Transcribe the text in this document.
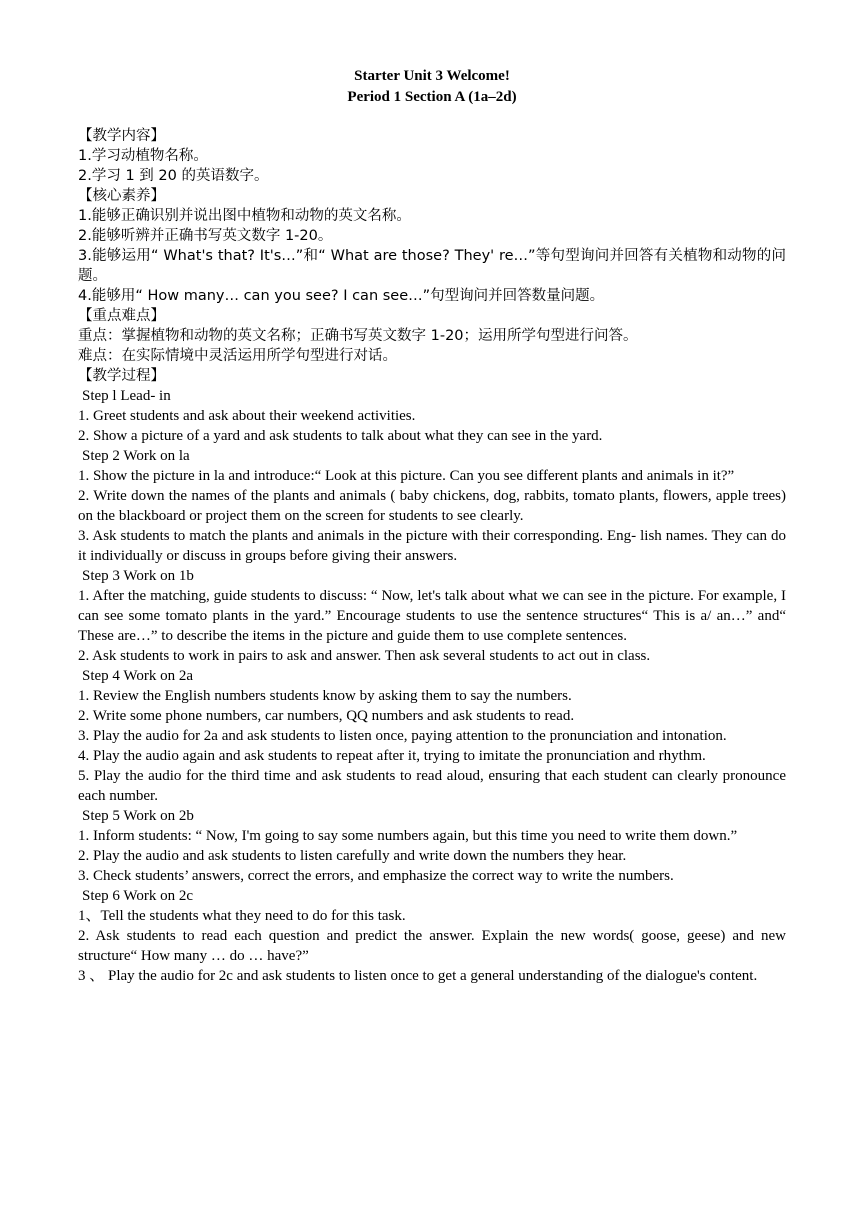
Starter Unit 3 Welcome!
Period 1 Section A (1a–2d)
【教学内容】
1.学习动植物名称。
2.学习 1 到 20 的英语数字。
【核心素养】
1.能够正确识别并说出图中植物和动物的英文名称。
2.能够听辨并正确书写英文数字 1-20。
3.能够运用“ What's that? It's…”和“ What are those? They' re…”等句型询问并回答有关植物和动物的问题。
4.能够用“ How many… can you see? I can see…”句型询问并回答数量问题。
【重点难点】
重点：掌握植物和动物的英文名称；正确书写英文数字 1-20；运用所学句型进行问答。
难点：在实际情境中灵活运用所学句型进行对话。
【教学过程】
Step l Lead- in
1. Greet students and ask about their weekend activities.
2. Show a picture of a yard and ask students to talk about what they can see in the yard.
Step 2 Work on la
1. Show the picture in la and introduce:“ Look at this picture. Can you see different plants and animals in it?”
2. Write down the names of the plants and animals ( baby chickens, dog, rabbits, tomato plants, flowers, apple trees) on the blackboard or project them on the screen for students to see clearly.
3. Ask students to match the plants and animals in the picture with their corresponding. Eng- lish names. They can do it individually or discuss in groups before giving their answers.
Step 3 Work on 1b
1. After the matching, guide students to discuss: “ Now, let's talk about what we can see in the picture. For example, I can see some tomato plants in the yard.” Encourage students to use the sentence structures“ This is a/ an…” and“ These are…” to describe the items in the picture and guide them to use complete sentences.
2. Ask students to work in pairs to ask and answer. Then ask several students to act out in class.
Step 4 Work on 2a
1. Review the English numbers students know by asking them to say the numbers.
2. Write some phone numbers, car numbers, QQ numbers and ask students to read.
3. Play the audio for 2a and ask students to listen once, paying attention to the pronunciation and intonation.
4. Play the audio again and ask students to repeat after it, trying to imitate the pronunciation and rhythm.
5. Play the audio for the third time and ask students to read aloud, ensuring that each student can clearly pronounce each number.
Step 5 Work on 2b
1. Inform students: “ Now, I'm going to say some numbers again, but this time you need to write them down.”
2. Play the audio and ask students to listen carefully and write down the numbers they hear.
3. Check students’ answers, correct the errors, and emphasize the correct way to write the numbers.
Step 6 Work on 2c
1、Tell the students what they need to do for this task.
2. Ask students to read each question and predict the answer. Explain the new words( goose, geese) and new structure“ How many … do … have?”
3 、 Play the audio for 2c and ask students to listen once to get a general understanding of the dialogue's content.
